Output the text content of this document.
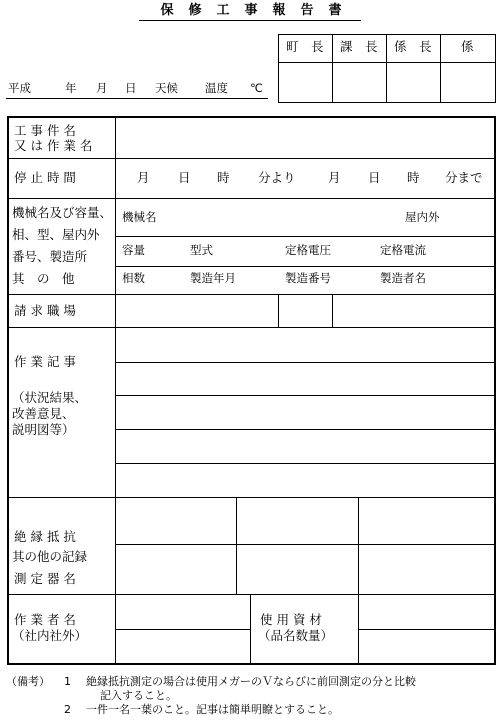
保　修　工　事　報　告　書
町　長 課　長 係　長 係
平成	年 月 日 天候 温度 ℃
工 事 件 名
又 は 作 業 名
停 止 時 間	月 日 時 分より	月 日 時 分まで
機械名及び容量、
相、型、屋内外
番号、製造所
其　の　他
機械名	屋内外
容量	型式	定格電圧	定格電流
相数	製造年月	製造番号	製造者名
請 求 職 場
作 業 記 事
（状況結果、
改善意見、
説明図等）
絶 縁 抵 抗
其の他の記録
測 定 器 名
作 業 者 名
（社内社外）
使 用 資 材
（品名数量）
（備考） 1 絶縁抵抗測定の場合は使用メガーのＶならびに前回測定の分と比較
記入すること。
2 一件一名一葉のこと。記事は簡単明瞭とすること。
